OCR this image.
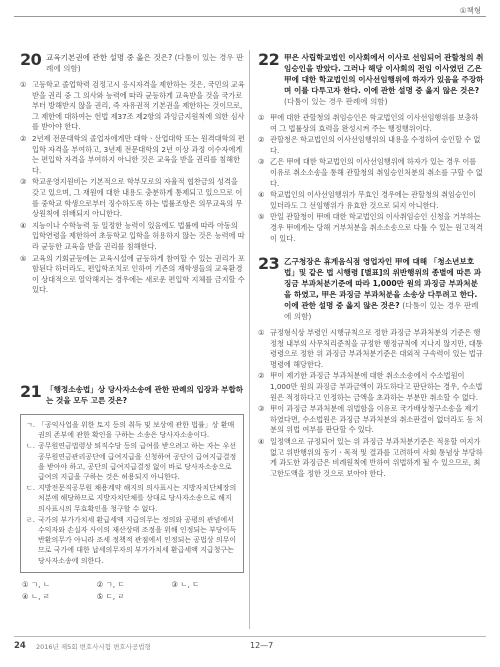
①책형
20 교육기본권에 관한 설명 중 옳은 것은? (다툼이 있는 경우 판례에 의함)
① 고등학교 졸업학력 검정고시 응시자격을 제한하는 것은, 국민의 교육받을 권리 중 그 의사와 능력에 따라 균등하게 교육받을 것을 국가로부터 방해받지 않을 권리, 즉 자유권적 기본권을 제한하는 것이므로, 그 제한에 대하여는 헌법 제37조 제2항의 과잉금지원칙에 의한 심사를 받아야 한다.
② 2년제 전문대학의 졸업자에게만 대학ㆍ산업대학 또는 원격대학의 편입학 자격을 부여하고, 3년제 전문대학의 2년 이상 과정 이수자에게는 편입학 자격을 부여하지 아니한 것은 교육을 받을 권리를 침해한다.
③ 학교운영지원비는 기본적으로 학부모로의 자율적 협찬금의 성격을 갖고 있으며, 그 재원에 대한 내용도 충분하게 통제되고 있으므로 이를 중학교 학생으로부터 징수하도록 하는 법률조항은 의무교육의 무상원칙에 위배되지 아니한다.
④ 지능이나 수학능력 등 일정한 능력이 있음에도 법률에 따라 아동의 입학연령을 제한하여 초등학교 입학을 허용하지 않는 것은 능력에 따라 균등한 교육을 받을 권리를 침해한다.
⑤ 교육의 기회균등에는 교육시설에 균등하게 참여할 수 있는 권리가 포함된다 하더라도, 편입학조치로 인하여 기존의 재학생들의 교육환경이 상대적으로 열악해지는 경우에는 새로운 편입학 지체를 금지할 수 있다.
21 「행정소송법」상 당사자소송에 관한 판례의 입장과 부합하는 것을 모두 고른 것은?
ㄱ. 「공익사업을 위한 토지 등의 취득 및 보상에 관한 법률」상 환매권의 존부에 관한 확인을 구하는 소송은 당사자소송이다.
ㄴ. 공무원연금법령상 퇴직수당 등의 급여를 받으려고 하는 자는 우선 공무원연금관리공단에 급여지급을 신청하여 공단이 급여지급결정을 받아야 하고, 공단의 급여지급결정 없이 바로 당사자소송으로 급여의 지급을 구하는 것은 허용되지 아니한다.
ㄷ. 지방전문직공무원 채용계약 해지의 의사표시는 지방자치단체장의 처분에 해당하므로 지방자치단체를 상대로 당사자소송으로 해지 의사표시의 무효확인을 청구할 수 없다.
ㄹ. 국가의 부가가치세 환급세액 지급의무는 정의와 공평의 관념에서 수익자와 손실자 사이의 재산상태 조정을 위해 인정되는 부당이득 반환의무가 아니라 조세 정책적 관점에서 인정되는 공법상 의무이므로 국가에 대한 납세의무자의 부가가치세 환급세액 지급청구는 당사자소송에 의한다.
① ㄱ, ㄴ	② ㄱ, ㄷ	③ ㄴ, ㄷ
④ ㄴ, ㄹ	⑤ ㄷ, ㄹ
22 甲은 사립학교법인 이사회에서 이사로 선임되어 관할청의 취임승인을 받았다. 그러나 해당 이사회의 전임 이사였던 乙은 甲에 대한 학교법인의 이사선임행위에 하자가 있음을 주장하며 이를 다투고자 한다. 이에 관한 설명 중 옳지 않은 것은? (다툼이 있는 경우 판례에 의함)
① 甲에 대한 관할청의 취임승인은 학교법인의 이사선임행위를 보충하여 그 법률상의 효력을 완성시켜 주는 행정행위이다.
② 관할청은 학교법인의 이사선임행위의 내용을 수정하여 승인할 수 없다.
③ 乙은 甲에 대한 학교법인의 이사선임행위에 하자가 있는 경우 이를 이유로 취소소송을 통해 관할청의 취임승인처분의 취소를 구할 수 없다.
④ 학교법인의 이사선임행위가 무효인 경우에는 관할청의 취임승인이 있더라도 그 선임행위가 유효한 것으로 되지 아니한다.
⑤ 만일 관할청이 甲에 대한 학교법인의 이사취임승인 신청을 거부하는 경우 甲에게는 당해 거부처분을 취소소송으로 다툴 수 있는 원고적격이 있다.
23 乙구청장은 휴게음식점 영업자인 甲에 대해 「청소년보호법」및 같은 법 시행령 [별표]의 위반행위의 종별에 따른 과징금 부과처분기준에 따라 1,000만 원의 과징금 부과처분을 하였고, 甲은 과징금 부과처분을 소송상 다투려고 한다. 이에 관한 설명 중 옳지 않은 것은? (다툼이 있는 경우 판례에 의함)
① 규정형식상 부령인 시행규칙으로 정한 과징금 부과처분의 기준은 행정청 내부의 사무처리준칙을 규정한 행정규칙에 지나지 않지만, 대통령령으로 정한 위 과징금 부과처분기준은 대외적 구속력이 있는 법규명령에 해당한다.
② 甲이 제기한 과징금 부과처분에 대한 취소소송에서 수소법원이 1,000만 원의 과징금 부과금액이 과도하다고 판단하는 경우, 수소법원은 적정하다고 인정하는 금액을 초과하는 부분만 취소할 수 없다.
③ 甲이 과징금 부과처분에 위법함을 이유로 국가배상청구소송을 제기하였다면, 수소법원은 과징금 부과처분의 취소판결이 없더라도 동 처분의 위법 여부를 판단할 수 있다.
④ 일정액으로 규정되어 있는 위 과징금 부과처분기준은 적용할 여지가 없고 위반행위의 동기ㆍ목적 및 결과를 고려하여 사회 통념상 부당하게 과도한 과징금은 비례원칙에 반하여 위법하게 될 수 있으므로, 최고한도액을 정한 것으로 보아야 한다.
24 2016년 제5회 변호사시험 변호사공법형	12—7
